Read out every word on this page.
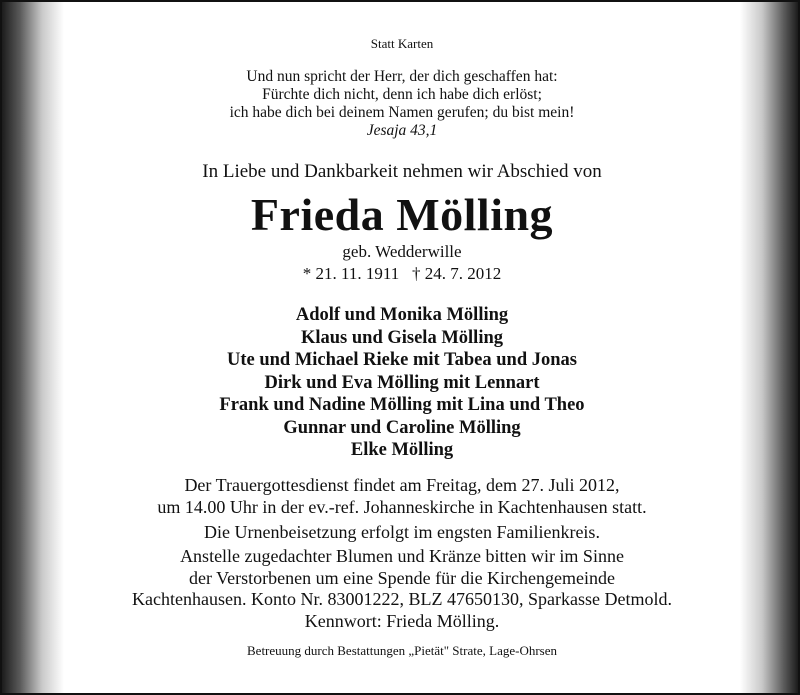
Statt Karten
Und nun spricht der Herr, der dich geschaffen hat:
Fürchte dich nicht, denn ich habe dich erlöst;
ich habe dich bei deinem Namen gerufen; du bist mein!
Jesaja 43,1
In Liebe und Dankbarkeit nehmen wir Abschied von
Frieda Mölling
geb. Wedderwille
* 21. 11. 1911 † 24. 7. 2012
Adolf und Monika Mölling
Klaus und Gisela Mölling
Ute und Michael Rieke mit Tabea und Jonas
Dirk und Eva Mölling mit Lennart
Frank und Nadine Mölling mit Lina und Theo
Gunnar und Caroline Mölling
Elke Mölling
Der Trauergottesdienst findet am Freitag, dem 27. Juli 2012,
um 14.00 Uhr in der ev.-ref. Johanneskirche in Kachtenhausen statt.
Die Urnenbeisetzung erfolgt im engsten Familienkreis.
Anstelle zugedachter Blumen und Kränze bitten wir im Sinne
der Verstorbenen um eine Spende für die Kirchengemeinde
Kachtenhausen. Konto Nr. 83001222, BLZ 47650130, Sparkasse Detmold.
Kennwort: Frieda Mölling.
Betreuung durch Bestattungen „Pietät" Strate, Lage-Ohrsen
